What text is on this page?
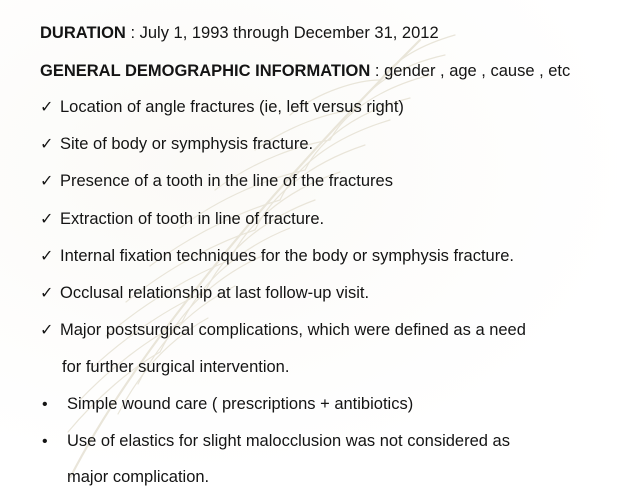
DURATION : July 1, 1993 through December 31, 2012
GENERAL DEMOGRAPHIC INFORMATION : gender , age , cause , etc
✓ Location of angle fractures (ie, left versus right)
✓ Site of body or symphysis fracture.
✓ Presence of a tooth in the line of the fractures
✓ Extraction of tooth in line of fracture.
✓ Internal fixation techniques for the body or symphysis fracture.
✓ Occlusal relationship at last follow-up visit.
✓ Major postsurgical complications, which were defined as a need
for further surgical intervention.
• Simple wound care ( prescriptions + antibiotics)
• Use of elastics for slight malocclusion was not considered as
major complication.
